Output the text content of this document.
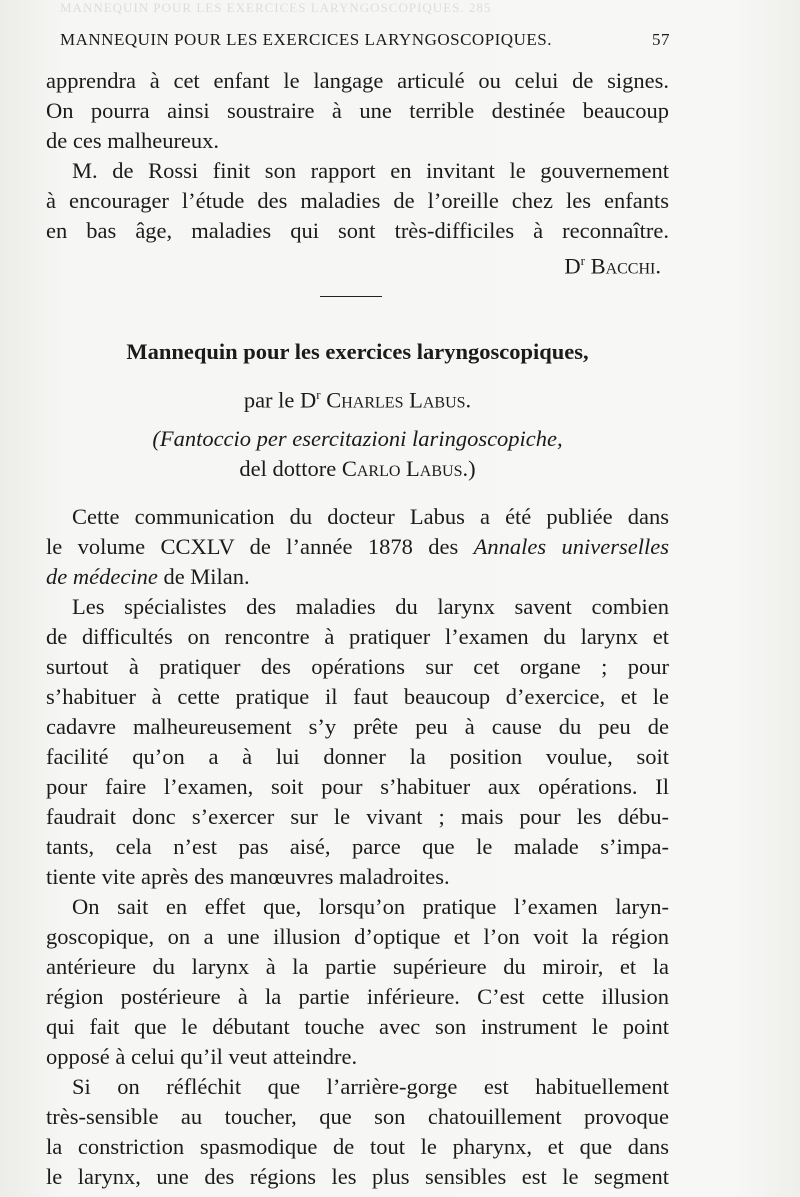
MANNEQUIN POUR LES EXERCICES LARYNGOSCOPIQUES. 285
MANNEQUIN POUR LES EXERCICES LARYNGOSCOPIQUES.	57
apprendra à cet enfant le langage articulé ou celui de signes.
On pourra ainsi soustraire à une terrible destinée beaucoup
de ces malheureux.
M. de Rossi finit son rapport en invitant le gouvernement
à encourager l’étude des maladies de l’oreille chez les enfants
en bas âge, maladies qui sont très-difficiles à reconnaître.
$D^r$ Bacchi.
Mannequin pour les exercices laryngoscopiques,
par le $D^r$ Charles Labus.
(Fantoccio per esercitazioni laringoscopiche,
del dottore Carlo Labus.)
Cette communication du docteur Labus a été publiée dans
le volume CCXLV de l’année 1878 des Annales universelles
de médecine de Milan.
Les spécialistes des maladies du larynx savent combien
de difficultés on rencontre à pratiquer l’examen du larynx et
surtout à pratiquer des opérations sur cet organe ; pour
s’habituer à cette pratique il faut beaucoup d’exercice, et le
cadavre malheureusement s’y prête peu à cause du peu de
facilité qu’on a à lui donner la position voulue, soit
pour faire l’examen, soit pour s’habituer aux opérations. Il
faudrait donc s’exercer sur le vivant ; mais pour les débu-
tants, cela n’est pas aisé, parce que le malade s’impa-
tiente vite après des manœuvres maladroites.
On sait en effet que, lorsqu’on pratique l’examen laryn-
goscopique, on a une illusion d’optique et l’on voit la région
antérieure du larynx à la partie supérieure du miroir, et la
région postérieure à la partie inférieure. C’est cette illusion
qui fait que le débutant touche avec son instrument le point
opposé à celui qu’il veut atteindre.
Si on réfléchit que l’arrière-gorge est habituellement
très-sensible au toucher, que son chatouillement provoque
la constriction spasmodique de tout le pharynx, et que dans
le larynx, une des régions les plus sensibles est le segment
